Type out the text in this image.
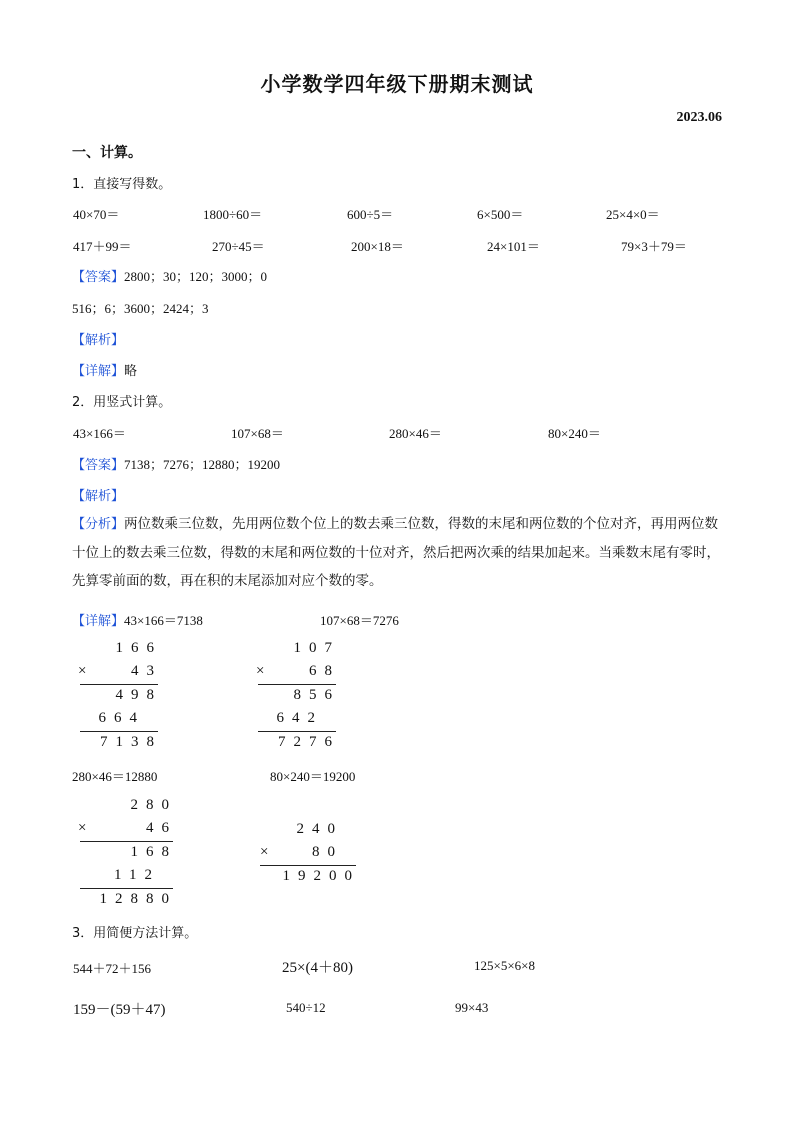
小学数学四年级下册期末测试
2023.06
一、计算。
1．直接写得数。
40×70＝	1800÷60＝	600÷5＝	6×500＝	25×4×0＝
417＋99＝	270÷45＝	200×18＝	24×101＝	79×3＋79＝
【答案】2800；30；120；3000；0
516；6；3600；2424；3
【解析】
【详解】略
2．用竖式计算。
43×166＝	107×68＝	280×46＝	80×240＝
【答案】7138；7276；12880；19200
【解析】
【分析】两位数乘三位数，先用两位数个位上的数去乘三位数，得数的末尾和两位数的个位对齐，再用两位数十位上的数去乘三位数，得数的末尾和两位数的十位对齐，然后把两次乘的结果加起来。当乘数末尾有零时，先算零前面的数，再在积的末尾添加对应个数的零。
【详解】43×166＝7138	107×68＝7276
166
× 43
498
664
7138
107
× 68
856
642
7276
280×46＝12880	80×240＝19200
280
×	46
168
112
12880
240
× 80
19200
3．用简便方法计算。
544＋72＋156	25×(4＋80)	125×5×6×8
159－(59＋47)	540÷12	99×43
